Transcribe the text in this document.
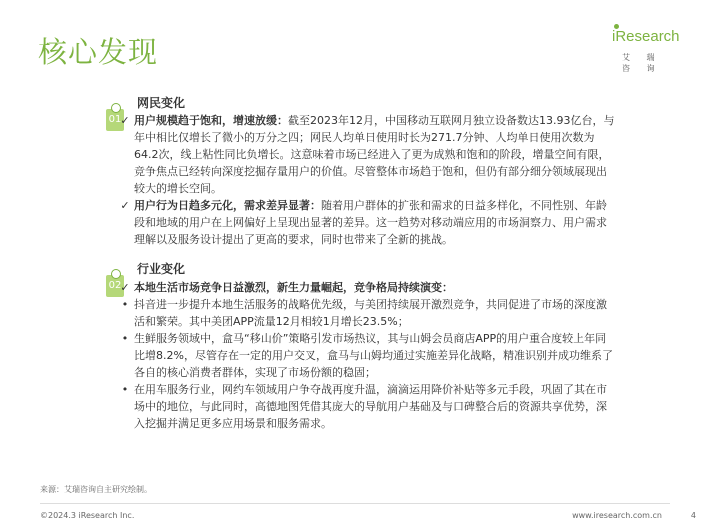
核心发现	iResearch
艾 瑞 咨 询
01
网民变化
✓ 用户规模趋于饱和，增速放缓：截至2023年12月，中国移动互联网月独立设备数达13.93亿台，与年中相比仅增长了微小的万分之四；网民人均单日使用时长为271.7分钟、人均单日使用次数为64.2次，线上粘性同比负增长。这意味着市场已经进入了更为成熟和饱和的阶段，增量空间有限，竞争焦点已经转向深度挖掘存量用户的价值。尽管整体市场趋于饱和，但仍有部分细分领域展现出较大的增长空间。
✓ 用户行为日趋多元化，需求差异显著：随着用户群体的扩张和需求的日益多样化，不同性别、年龄段和地域的用户在上网偏好上呈现出显著的差异。这一趋势对移动端应用的市场洞察力、用户需求理解以及服务设计提出了更高的要求，同时也带来了全新的挑战。
02
行业变化
✓ 本地生活市场竞争日益激烈，新生力量崛起，竞争格局持续演变：
• 抖音进一步提升本地生活服务的战略优先级，与美团持续展开激烈竞争，共同促进了市场的深度激活和繁荣。其中美团APP流量12月相较1月增长23.5%；
• 生鲜服务领域中，盒马“移山价”策略引发市场热议，其与山姆会员商店APP的用户重合度较上年同比增8.2%，尽管存在一定的用户交叉，盒马与山姆均通过实施差异化战略，精准识别并成功维系了各自的核心消费者群体，实现了市场份额的稳固；
• 在用车服务行业，网约车领域用户争夺战再度升温，滴滴运用降价补贴等多元手段，巩固了其在市场中的地位，与此同时，高德地图凭借其庞大的导航用户基础及与口碑整合后的资源共享优势，深入挖掘并满足更多应用场景和服务需求。
来源：艾瑞咨询自主研究绘制。
©2024.3 iResearch Inc.	www.iresearch.com.cn	4
